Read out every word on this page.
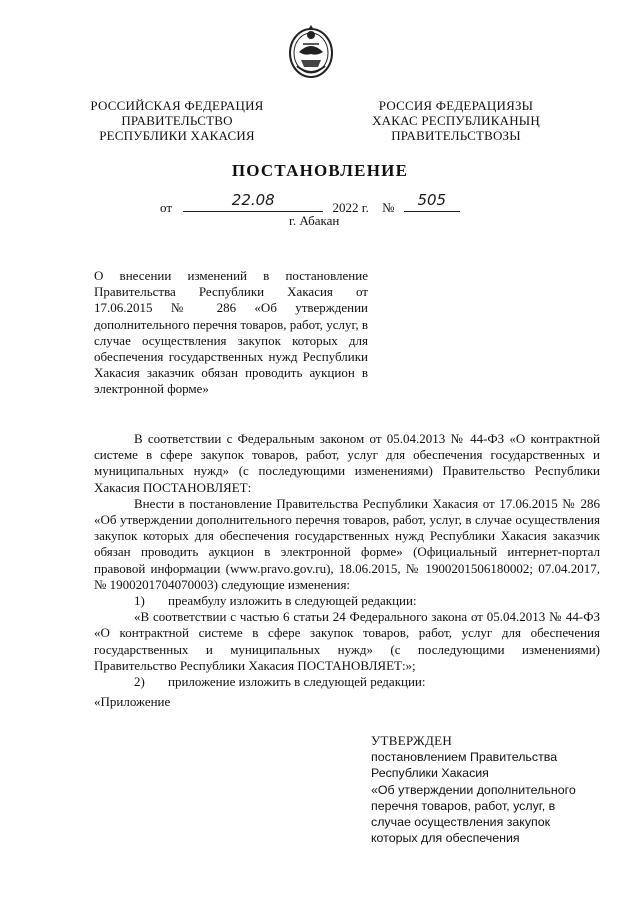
РОССИЙСКАЯ ФЕДЕРАЦИЯ
ПРАВИТЕЛЬСТВО
РЕСПУБЛИКИ ХАКАСИЯ
РОССИЯ ФЕДЕРАЦИЯЗЫ
ХАКАС РЕСПУБЛИКАНЫҢ
ПРАВИТЕЛЬСТВОЗЫ
ПОСТАНОВЛЕНИЕ
от	22.08	2022 г. №	505
г. Абакан
О внесении изменений в постановление Правительства Республики Хакасия от 17.06.2015 № 286 «Об утверждении дополнительного перечня товаров, работ, услуг, в случае осуществления закупок которых для обеспечения государственных нужд Республики Хакасия заказчик обязан проводить аукцион в электронной форме»

В соответствии с Федеральным законом от 05.04.2013 № 44-ФЗ «О контрактной системе в сфере закупок товаров, работ, услуг для обеспечения государственных и муниципальных нужд» (с последующими изменениями) Правительство Республики Хакасия ПОСТАНОВЛЯЕТ:

Внести в постановление Правительства Республики Хакасия от 17.06.2015 № 286 «Об утверждении дополнительного перечня товаров, работ, услуг, в случае осуществления закупок которых для обеспечения государственных нужд Республики Хакасия заказчик обязан проводить аукцион в электронной форме» (Официальный интернет-портал правовой информации (www.pravo.gov.ru), 18.06.2015, № 1900201506180002; 07.04.2017, № 1900201704070003) следующие изменения:

1)	преамбулу изложить в следующей редакции:

«В соответствии с частью 6 статьи 24 Федерального закона от 05.04.2013 № 44-ФЗ «О контрактной системе в сфере закупок товаров, работ, услуг для обеспечения государственных и муниципальных нужд» (с последующими изменениями) Правительство Республики Хакасия ПОСТАНОВЛЯЕТ:»;

2)	приложение изложить в следующей редакции:

«Приложение

УТВЕРЖДЕН
постановлением Правительства
Республики Хакасия
«Об утверждении дополнительного
перечня товаров, работ, услуг, в
случае осуществления закупок
которых для обеспечения
